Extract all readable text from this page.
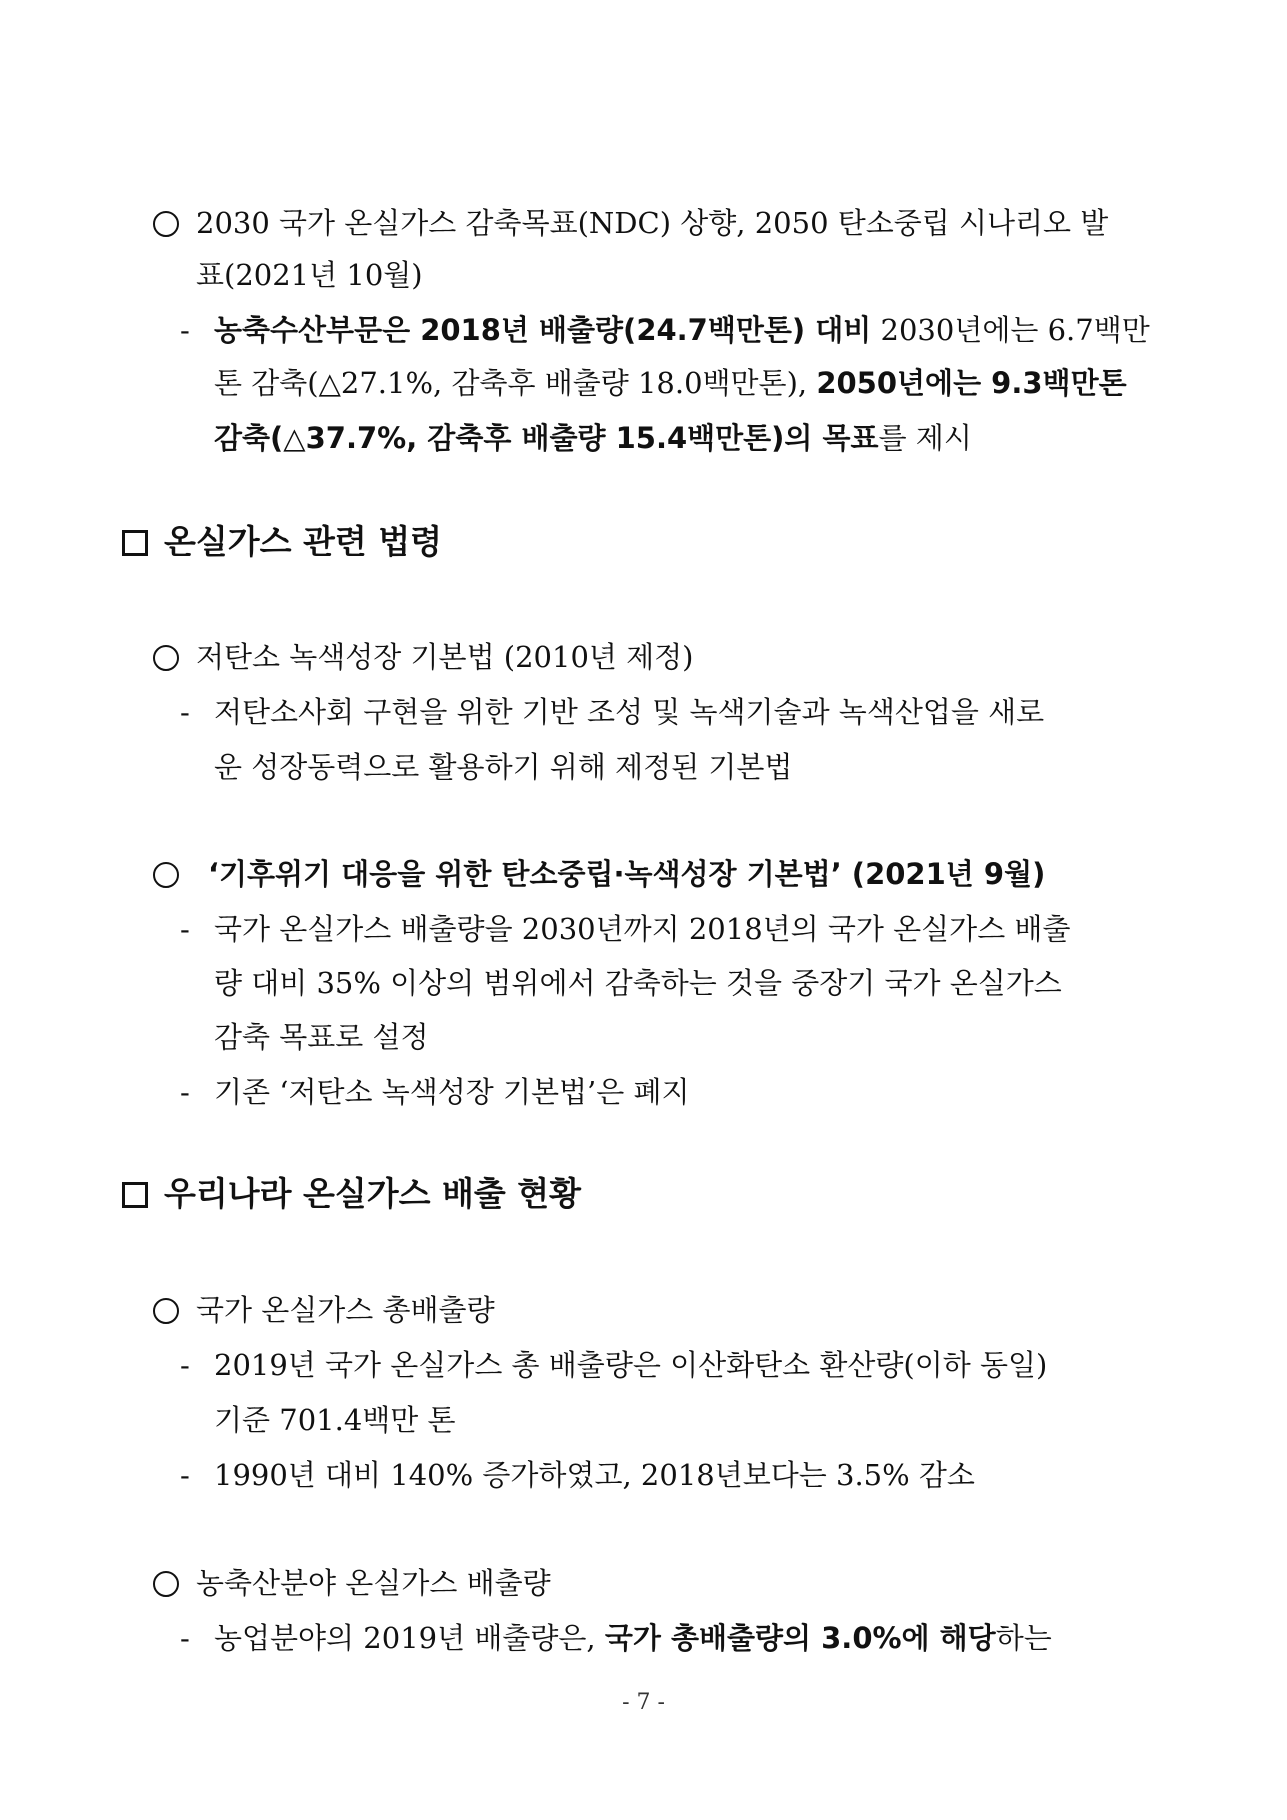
2030 국가 온실가스 감축목표(NDC) 상향, 2050 탄소중립 시나리오 발
표(2021년 10월)
- 농축수산부문은 2018년 배출량(24.7백만톤) 대비 2030년에는 6.7백만
톤 감축(△27.1%, 감축후 배출량 18.0백만톤), 2050년에는 9.3백만톤
감축(△37.7%, 감축후 배출량 15.4백만톤)의 목표를 제시
온실가스 관련 법령
저탄소 녹색성장 기본법 (2010년 제정)
- 저탄소사회 구현을 위한 기반 조성 및 녹색기술과 녹색산업을 새로
운 성장동력으로 활용하기 위해 제정된 기본법
‘기후위기 대응을 위한 탄소중립·녹색성장 기본법’ (2021년 9월)
- 국가 온실가스 배출량을 2030년까지 2018년의 국가 온실가스 배출
량 대비 35% 이상의 범위에서 감축하는 것을 중장기 국가 온실가스
감축 목표로 설정
- 기존 ‘저탄소 녹색성장 기본법’은 폐지
우리나라 온실가스 배출 현황
국가 온실가스 총배출량
- 2019년 국가 온실가스 총 배출량은 이산화탄소 환산량(이하 동일)
기준 701.4백만 톤
- 1990년 대비 140% 증가하였고, 2018년보다는 3.5% 감소
농축산분야 온실가스 배출량
- 농업분야의 2019년 배출량은, 국가 총배출량의 3.0%에 해당하는
- 7 -
